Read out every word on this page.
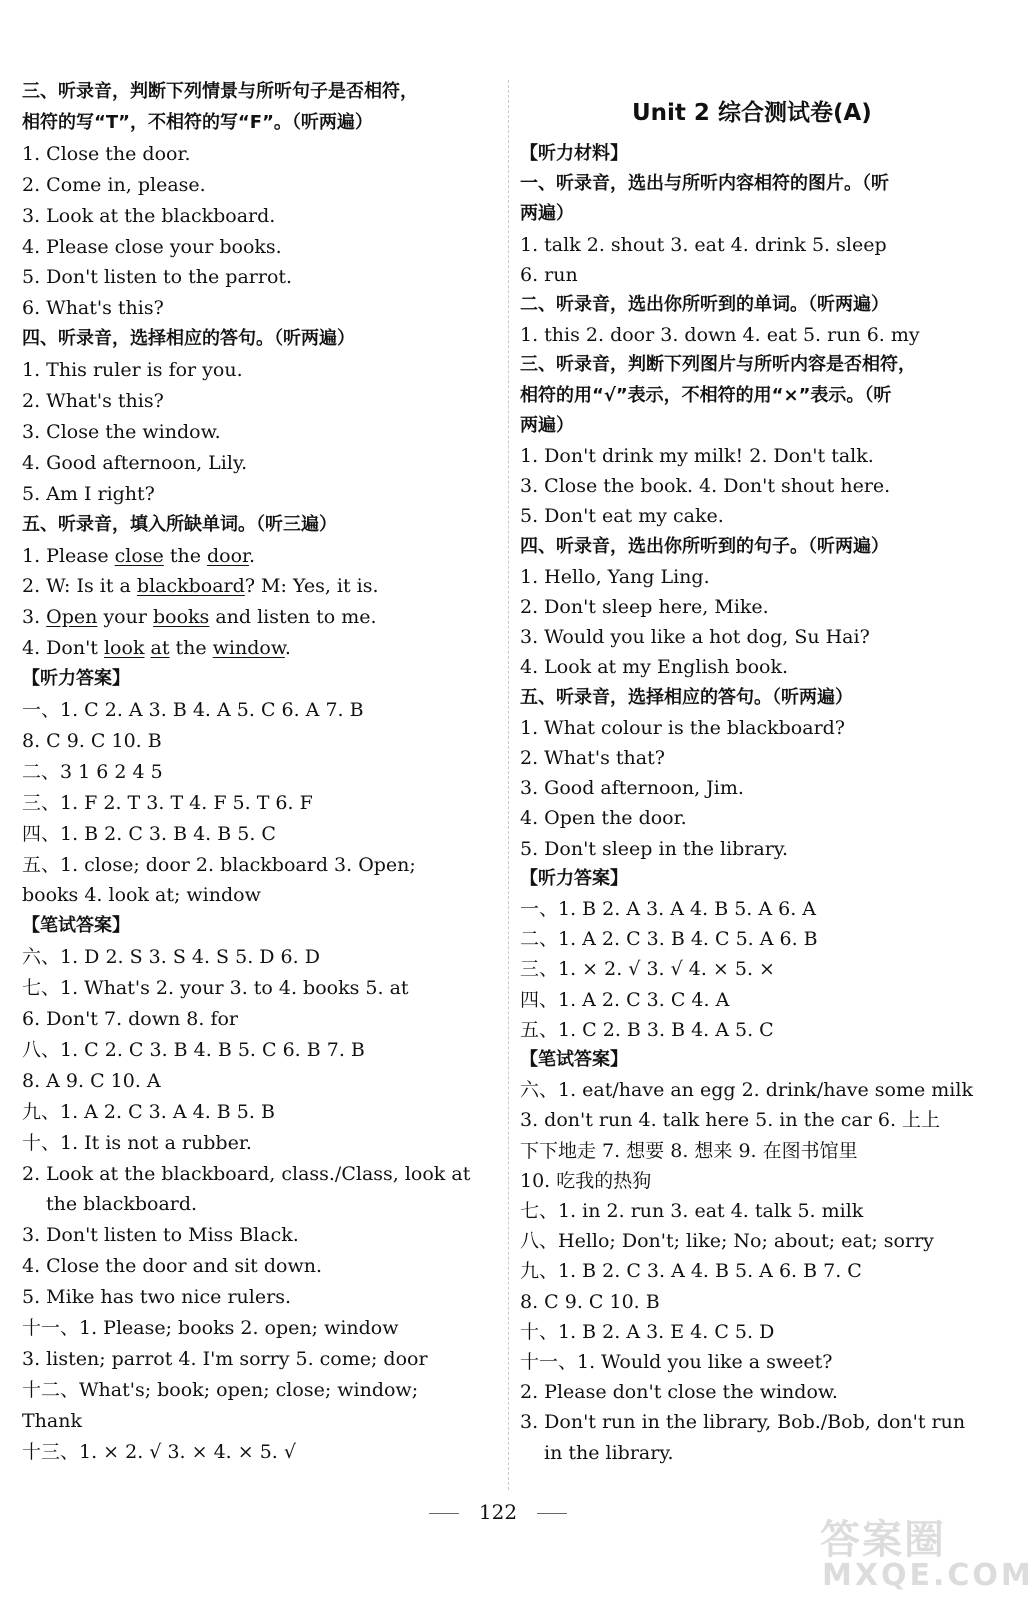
三、听录音，判断下列情景与所听句子是否相符，
相符的写“T”，不相符的写“F”。（听两遍）
1. Close the door.
2. Come in, please.
3. Look at the blackboard.
4. Please close your books.
5. Don't listen to the parrot.
6. What's this?
四、听录音，选择相应的答句。（听两遍）
1. This ruler is for you.
2. What's this?
3. Close the window.
4. Good afternoon, Lily.
5. Am I right?
五、听录音，填入所缺单词。（听三遍）
1. Please close the door.
2. W: Is it a blackboard? M: Yes, it is.
3. Open your books and listen to me.
4. Don't look at the window.
【听力答案】
一、1. C 2. A 3. B 4. A 5. C 6. A 7. B
8. C 9. C 10. B
二、3 1 6 2 4 5
三、1. F 2. T 3. T 4. F 5. T 6. F
四、1. B 2. C 3. B 4. B 5. C
五、1. close; door 2. blackboard 3. Open;
books 4. look at; window
【笔试答案】
六、1. D 2. S 3. S 4. S 5. D 6. D
七、1. What's 2. your 3. to 4. books 5. at
6. Don't 7. down 8. for
八、1. C 2. C 3. B 4. B 5. C 6. B 7. B
8. A 9. C 10. A
九、1. A 2. C 3. A 4. B 5. B
十、1. It is not a rubber.
2. Look at the blackboard, class./Class, look at
the blackboard.
3. Don't listen to Miss Black.
4. Close the door and sit down.
5. Mike has two nice rulers.
十一、1. Please; books 2. open; window
3. listen; parrot 4. I'm sorry 5. come; door
十二、What's; book; open; close; window;
Thank
十三、1. × 2. √ 3. × 4. × 5. √
Unit 2 综合测试卷(A)
【听力材料】
一、听录音，选出与所听内容相符的图片。（听
两遍）
1. talk 2. shout 3. eat 4. drink 5. sleep
6. run
二、听录音，选出你所听到的单词。（听两遍）
1. this 2. door 3. down 4. eat 5. run 6. my
三、听录音，判断下列图片与所听内容是否相符，
相符的用“√”表示，不相符的用“×”表示。（听
两遍）
1. Don't drink my milk! 2. Don't talk.
3. Close the book. 4. Don't shout here.
5. Don't eat my cake.
四、听录音，选出你所听到的句子。（听两遍）
1. Hello, Yang Ling.
2. Don't sleep here, Mike.
3. Would you like a hot dog, Su Hai?
4. Look at my English book.
五、听录音，选择相应的答句。（听两遍）
1. What colour is the blackboard?
2. What's that?
3. Good afternoon, Jim.
4. Open the door.
5. Don't sleep in the library.
【听力答案】
一、1. B 2. A 3. A 4. B 5. A 6. A
二、1. A 2. C 3. B 4. C 5. A 6. B
三、1. × 2. √ 3. √ 4. × 5. ×
四、1. A 2. C 3. C 4. A
五、1. C 2. B 3. B 4. A 5. C
【笔试答案】
六、1. eat/have an egg 2. drink/have some milk
3. don't run 4. talk here 5. in the car 6. 上上
下下地走 7. 想要 8. 想来 9. 在图书馆里
10. 吃我的热狗
七、1. in 2. run 3. eat 4. talk 5. milk
八、Hello; Don't; like; No; about; eat; sorry
九、1. B 2. C 3. A 4. B 5. A 6. B 7. C
8. C 9. C 10. B
十、1. B 2. A 3. E 4. C 5. D
十一、1. Would you like a sweet?
2. Please don't close the window.
3. Don't run in the library, Bob./Bob, don't run
in the library.
122
答案圈
MXQE.COM
